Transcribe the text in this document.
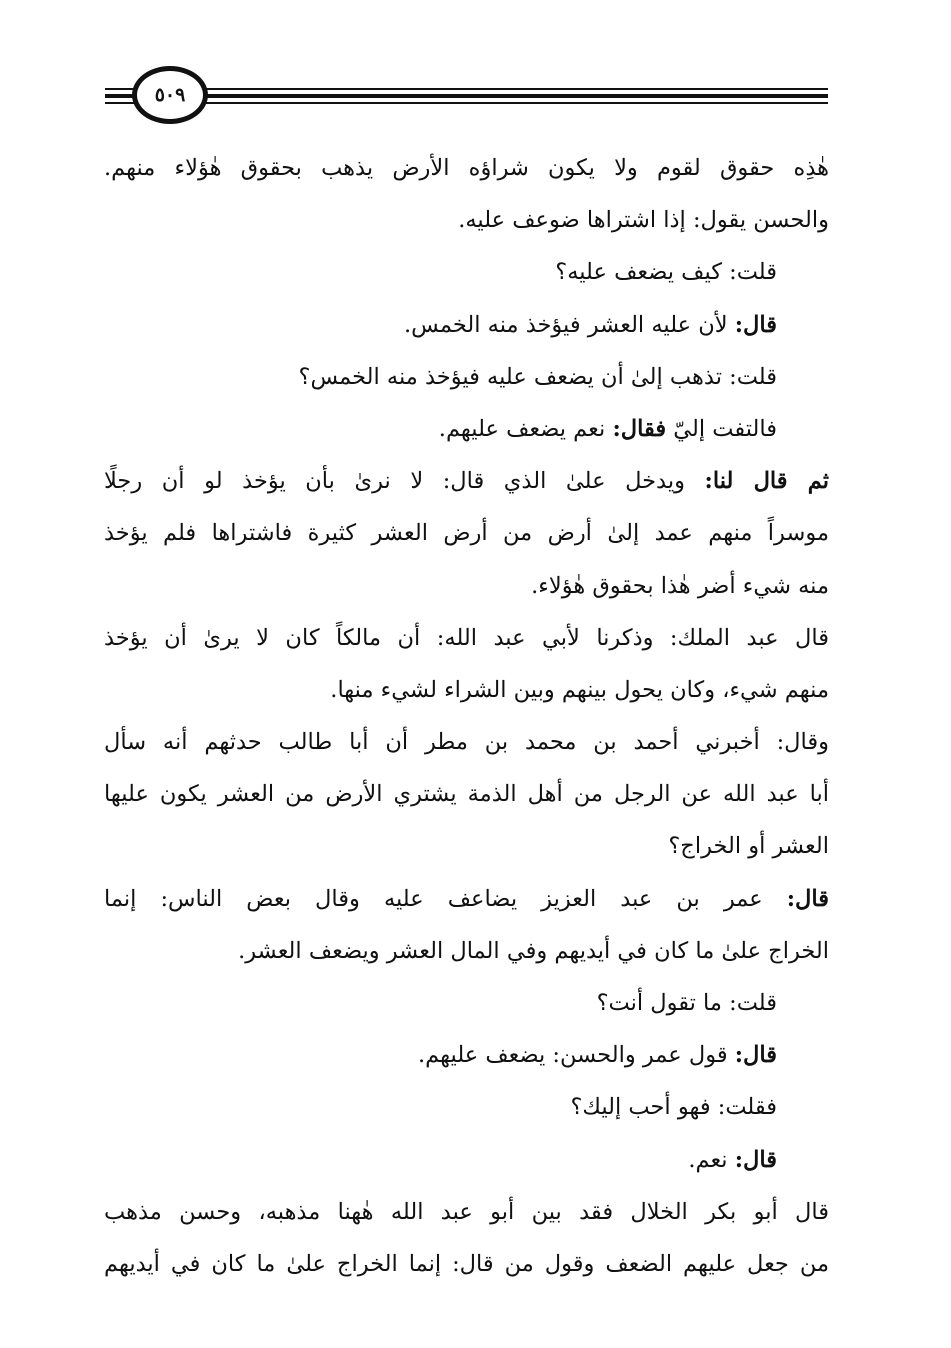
٥٠٩
هٰذِه حقوق لقوم ولا يكون شراؤه الأرض يذهب بحقوق هٰؤلاء منهم.
والحسن يقول: إذا اشتراها ضوعف عليه.
قلت: كيف يضعف عليه؟
قال: لأن عليه العشر فيؤخذ منه الخمس.
قلت: تذهب إلىٰ أن يضعف عليه فيؤخذ منه الخمس؟
فالتفت إليّ فقال: نعم يضعف عليهم.
ثم قال لنا: ويدخل علىٰ الذي قال: لا نرىٰ بأن يؤخذ لو أن رجلًا
موسراً منهم عمد إلىٰ أرض من أرض العشر كثيرة فاشتراها فلم يؤخذ
منه شيء أضر هٰذا بحقوق هٰؤلاء.
قال عبد الملك: وذكرنا لأبي عبد الله: أن مالكاً كان لا يرىٰ أن يؤخذ
منهم شيء، وكان يحول بينهم وبين الشراء لشيء منها.
وقال: أخبرني أحمد بن محمد بن مطر أن أبا طالب حدثهم أنه سأل
أبا عبد الله عن الرجل من أهل الذمة يشتري الأرض من العشر يكون عليها
العشر أو الخراج؟
قال: عمر بن عبد العزيز يضاعف عليه وقال بعض الناس: إنما
الخراج علىٰ ما كان في أيديهم وفي المال العشر ويضعف العشر.
قلت: ما تقول أنت؟
قال: قول عمر والحسن: يضعف عليهم.
فقلت: فهو أحب إليك؟
قال: نعم.
قال أبو بكر الخلال فقد بين أبو عبد الله هٰهنا مذهبه، وحسن مذهب
من جعل عليهم الضعف وقول من قال: إنما الخراج علىٰ ما كان في أيديهم
